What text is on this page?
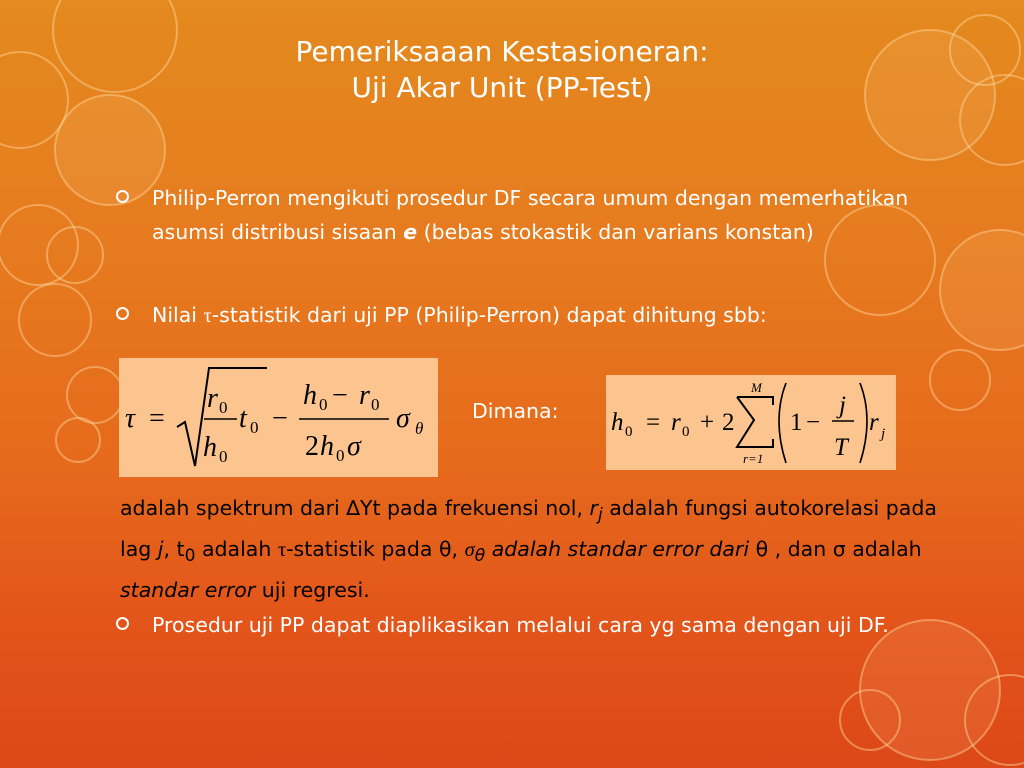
Pemeriksaaan Kestasioneran:
Uji Akar Unit (PP-Test)
Philip-Perron mengikuti prosedur DF secara umum dengan memerhatikan asumsi distribusi sisaan e (bebas stokastik dan varians konstan)
Nilai τ-statistik dari uji PP (Philip-Perron) dapat dihitung sbb:
τ =
r 0
h 0
t 0 −
h 0 − r 0
2 h 0 σ
σ θ
Dimana: h 0 = r 0 + 2
M
r=1
1 −
j
T
r j
adalah spektrum dari ∆Yt pada frekuensi nol, $r_j$ adalah fungsi autokorelasi pada lag j, $t_0$ adalah τ-statistik pada θ, $\sigma_\theta$ adalah standar error dari θ , dan σ adalah standar error uji regresi.
Prosedur uji PP dapat diaplikasikan melalui cara yg sama dengan uji DF.
